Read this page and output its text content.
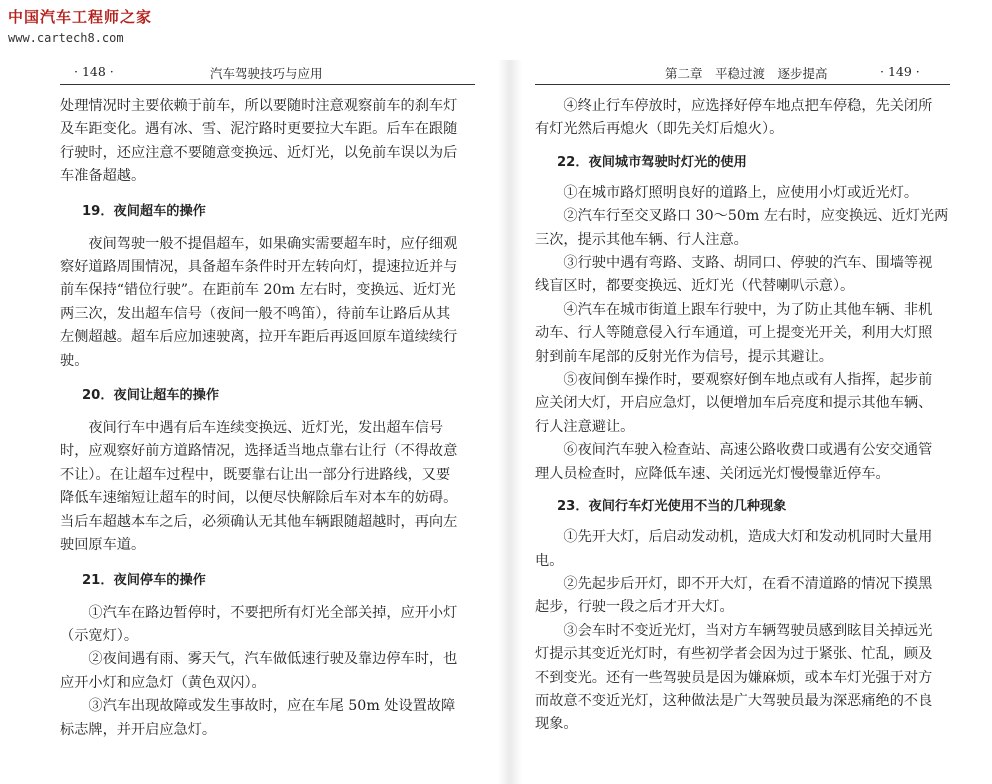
中国汽车工程师之家
www.cartech8.com
· 148 ·	汽车驾驶技巧与应用

处理情况时主要依赖于前车，所以要随时注意观察前车的刹车灯

及车距变化。遇有冰、雪、泥泞路时更要拉大车距。后车在跟随

行驶时，还应注意不要随意变换远、近灯光，以免前车误以为后

车准备超越。

19．夜间超车的操作

夜间驾驶一般不提倡超车，如果确实需要超车时，应仔细观

察好道路周围情况，具备超车条件时开左转向灯，提速拉近并与

前车保持“错位行驶”。在距前车 20m 左右时，变换远、近灯光

两三次，发出超车信号（夜间一般不鸣笛），待前车让路后从其

左侧超越。超车后应加速驶离，拉开车距后再返回原车道续续行

驶。

20．夜间让超车的操作

夜间行车中遇有后车连续变换远、近灯光，发出超车信号

时，应观察好前方道路情况，选择适当地点靠右让行（不得故意

不让）。在让超车过程中，既要靠右让出一部分行进路线，又要

降低车速缩短让超车的时间，以便尽快解除后车对本车的妨碍。

当后车超越本车之后，必须确认无其他车辆跟随超越时，再向左

驶回原车道。

21．夜间停车的操作

①汽车在路边暂停时，不要把所有灯光全部关掉，应开小灯

（示宽灯）。

②夜间遇有雨、雾天气，汽车做低速行驶及靠边停车时，也

应开小灯和应急灯（黄色双闪）。

③汽车出现故障或发生事故时，应在车尾 50m 处设置故障

标志牌，并开启应急灯。

第二章　平稳过渡　逐步提高	· 149 ·

④终止行车停放时，应选择好停车地点把车停稳，先关闭所

有灯光然后再熄火（即先关灯后熄火）。

22．夜间城市驾驶时灯光的使用

①在城市路灯照明良好的道路上，应使用小灯或近光灯。

②汽车行至交叉路口 30～50m 左右时，应变换远、近灯光两

三次，提示其他车辆、行人注意。

③行驶中遇有弯路、支路、胡同口、停驶的汽车、围墙等视

线盲区时，都要变换远、近灯光（代替喇叭示意）。

④汽车在城市街道上跟车行驶中，为了防止其他车辆、非机

动车、行人等随意侵入行车通道，可上提变光开关，利用大灯照

射到前车尾部的反射光作为信号，提示其避让。

⑤夜间倒车操作时，要观察好倒车地点或有人指挥，起步前

应关闭大灯，开启应急灯，以便增加车后亮度和提示其他车辆、

行人注意避让。

⑥夜间汽车驶入检查站、高速公路收费口或遇有公安交通管

理人员检查时，应降低车速、关闭远光灯慢慢靠近停车。

23．夜间行车灯光使用不当的几种现象

①先开大灯，后启动发动机，造成大灯和发动机同时大量用

电。

②先起步后开灯，即不开大灯，在看不清道路的情况下摸黑

起步，行驶一段之后才开大灯。

③会车时不变近光灯，当对方车辆驾驶员感到眩目关掉远光

灯提示其变近光灯时，有些初学者会因为过于紧张、忙乱，顾及

不到变光。还有一些驾驶员是因为嫌麻烦，或本车灯光强于对方

而故意不变近光灯，这种做法是广大驾驶员最为深恶痛绝的不良

现象。
